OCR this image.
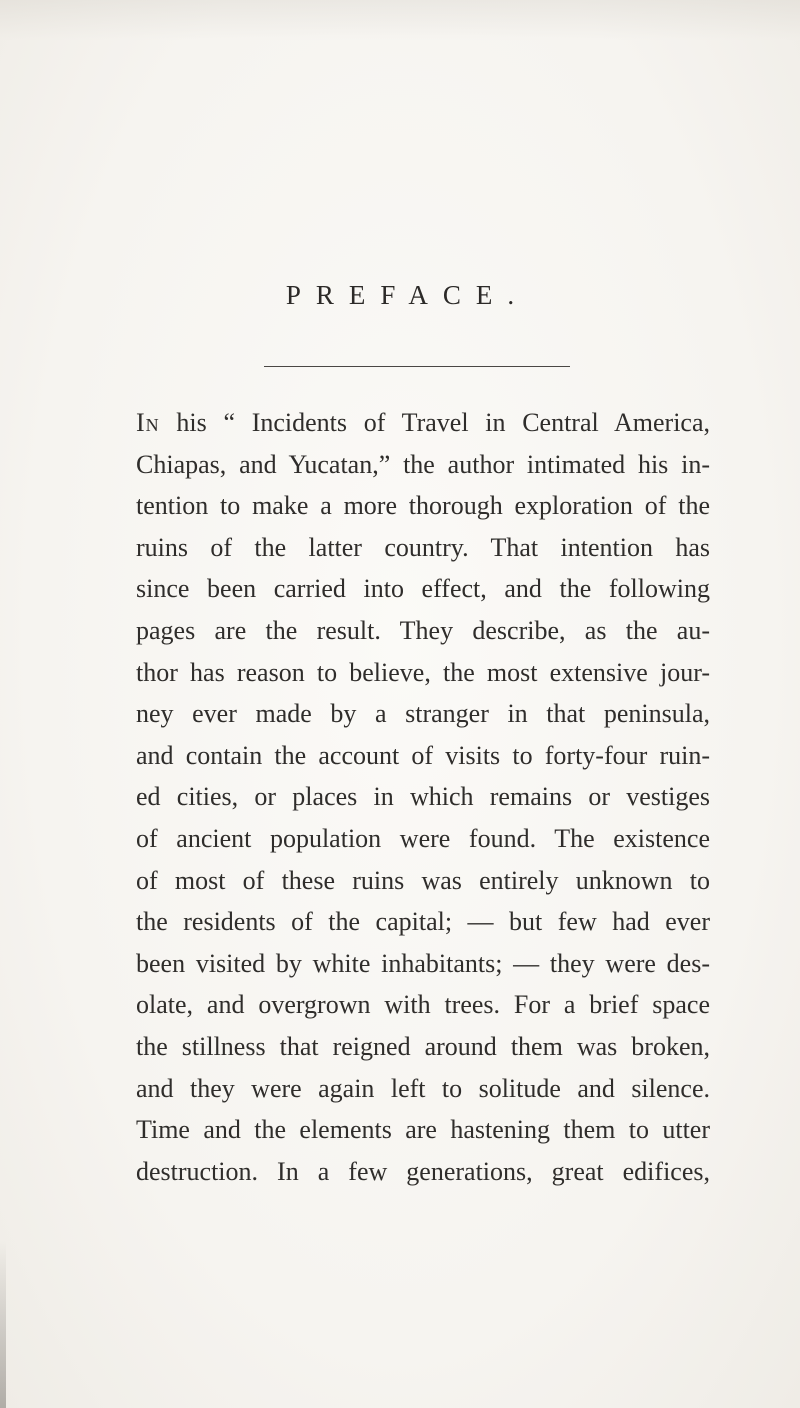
PREFACE.
In his “ Incidents of Travel in Central America,
Chiapas, and Yucatan,” the author intimated his in-
tention to make a more thorough exploration of the
ruins of the latter country. That intention has
since been carried into effect, and the following
pages are the result. They describe, as the au-
thor has reason to believe, the most extensive jour-
ney ever made by a stranger in that peninsula,
and contain the account of visits to forty-four ruin-
ed cities, or places in which remains or vestiges
of ancient population were found. The existence
of most of these ruins was entirely unknown to
the residents of the capital; — but few had ever
been visited by white inhabitants; — they were des-
olate, and overgrown with trees. For a brief space
the stillness that reigned around them was broken,
and they were again left to solitude and silence.
Time and the elements are hastening them to utter
destruction. In a few generations, great edifices,
